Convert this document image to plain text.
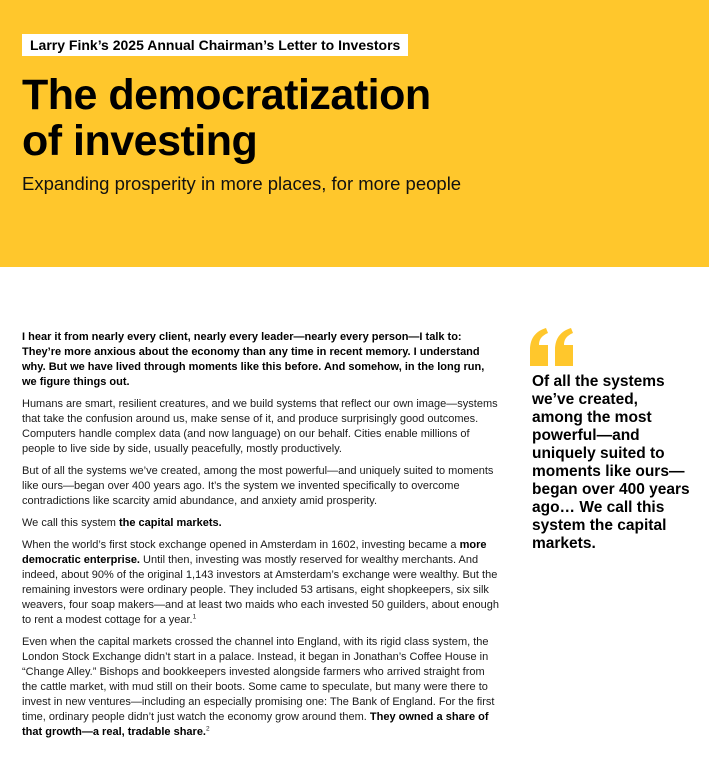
Larry Fink’s 2025 Annual Chairman’s Letter to Investors
The democratization
of investing

Expanding prosperity in more places, for more people

I hear it from nearly every client, nearly every leader—nearly every person—I talk to: They’re more anxious about the economy than any time in recent memory. I understand why. But we have lived through moments like this before. And somehow, in the long run, we figure things out.

Humans are smart, resilient creatures, and we build systems that reflect our own image—systems that take the confusion around us, make sense of it, and produce surprisingly good outcomes. Computers handle complex data (and now language) on our behalf. Cities enable millions of people to live side by side, usually peacefully, mostly productively.

But of all the systems we’ve created, among the most powerful—and uniquely suited to moments like ours—began over 400 years ago. It’s the system we invented specifically to overcome contradictions like scarcity amid abundance, and anxiety amid prosperity.

We call this system the capital markets.

When the world’s first stock exchange opened in Amsterdam in 1602, investing became a more democratic enterprise. Until then, investing was mostly reserved for wealthy merchants. And indeed, about 90% of the original 1,143 investors at Amsterdam’s exchange were wealthy. But the remaining investors were ordinary people. They included 53 artisans, eight shopkeepers, six silk weavers, four soap makers—and at least two maids who each invested 50 guilders, about enough to rent a modest cottage for a year.$^1$

Even when the capital markets crossed the channel into England, with its rigid class system, the London Stock Exchange didn’t start in a palace. Instead, it began in Jonathan’s Coffee House in “Change Alley.” Bishops and bookkeepers invested alongside farmers who arrived straight from the cattle market, with mud still on their boots. Some came to speculate, but many were there to invest in new ventures—including an especially promising one: The Bank of England. For the first time, ordinary people didn’t just watch the economy grow around them. They owned a share of that growth—a real, tradable share.$^2$

Of all the systems we’ve created, among the most powerful—and uniquely suited to moments like ours—began over 400 years ago… We call this system the capital markets.
